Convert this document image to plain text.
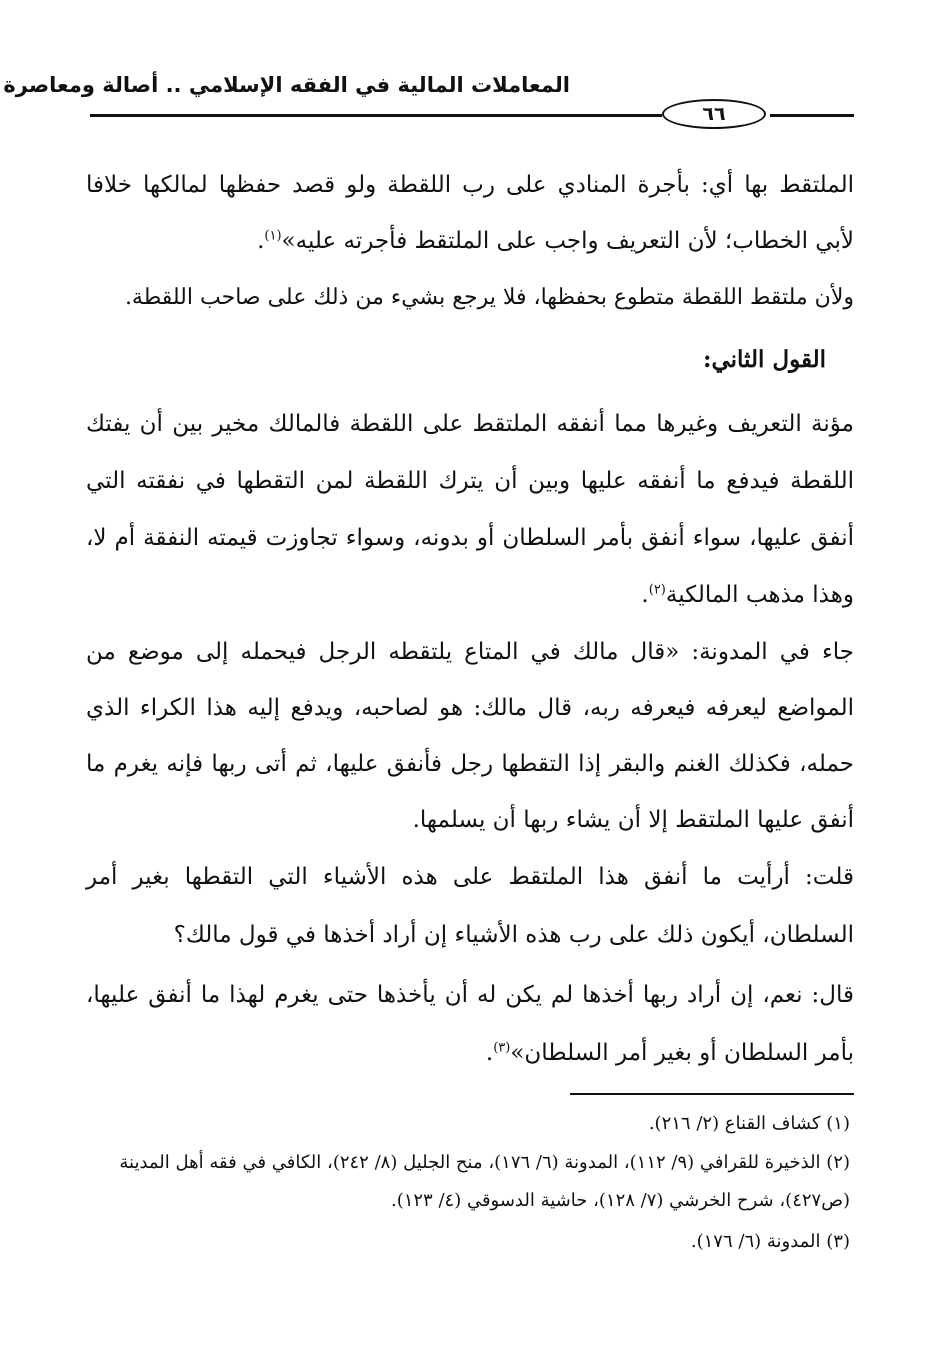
المعاملات المالية في الفقه الإسلامي .. أصالة ومعاصرة
٦٦

الملتقط بها أي: بأجرة المنادي على رب اللقطة ولو قصد حفظها لمالكها خلافا لأبي الخطاب؛ لأن التعريف واجب على الملتقط فأجرته عليه»$^{(١)}$.

ولأن ملتقط اللقطة متطوع بحفظها، فلا يرجع بشيء من ذلك على صاحب اللقطة.

القول الثاني:

مؤنة التعريف وغيرها مما أنفقه الملتقط على اللقطة فالمالك مخير بين أن يفتك اللقطة فيدفع ما أنفقه عليها وبين أن يترك اللقطة لمن التقطها في نفقته التي أنفق عليها، سواء أنفق بأمر السلطان أو بدونه، وسواء تجاوزت قيمته النفقة أم لا، وهذا مذهب المالكية$^{(٢)}$.

جاء في المدونة: «قال مالك في المتاع يلتقطه الرجل فيحمله إلى موضع من المواضع ليعرفه فيعرفه ربه، قال مالك: هو لصاحبه، ويدفع إليه هذا الكراء الذي حمله، فكذلك الغنم والبقر إذا التقطها رجل فأنفق عليها، ثم أتى ربها فإنه يغرم ما أنفق عليها الملتقط إلا أن يشاء ربها أن يسلمها.

قلت: أرأيت ما أنفق هذا الملتقط على هذه الأشياء التي التقطها بغير أمر السلطان، أيكون ذلك على رب هذه الأشياء إن أراد أخذها في قول مالك؟

قال: نعم، إن أراد ربها أخذها لم يكن له أن يأخذها حتى يغرم لهذا ما أنفق عليها، بأمر السلطان أو بغير أمر السلطان»$^{(٣)}$.

(١) كشاف القناع (٢/ ٢١٦).

(٢) الذخيرة للقرافي (٩/ ١١٢)، المدونة (٦/ ١٧٦)، منح الجليل (٨/ ٢٤٢)، الكافي في فقه أهل المدينة (ص٤٢٧)، شرح الخرشي (٧/ ١٢٨)، حاشية الدسوقي (٤/ ١٢٣).

(٣) المدونة (٦/ ١٧٦).
